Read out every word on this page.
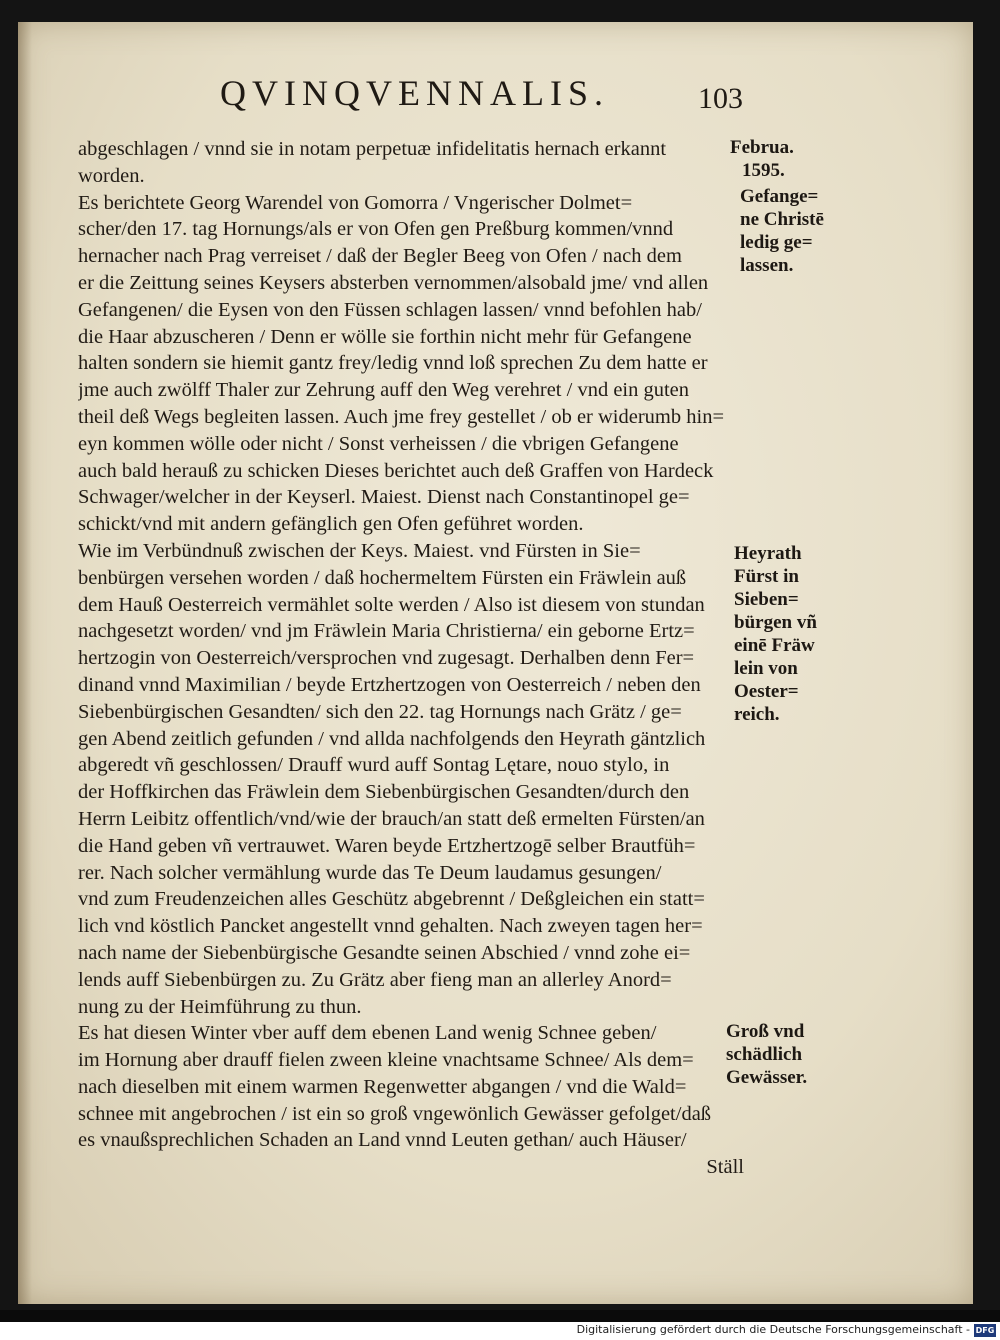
QVINQVENNALIS.	103

abgeschlagen / vnnd sie in notam perpetuæ infidelitatis hernach erkannt
worden.

Es berichtete Georg Warendel von Gomorra / Vngerischer Dolmet=
scher/den 17. tag Hornungs/als er von Ofen gen Preßburg kommen/vnnd
hernacher nach Prag verreiset / daß der Begler Beeg von Ofen / nach dem
er die Zeittung seines Keysers absterben vernommen/alsobald jme/ vnd allen
Gefangenen/ die Eysen von den Füssen schlagen lassen/ vnnd befohlen hab/
die Haar abzuscheren / Denn er wölle sie forthin nicht mehr für Gefangene
halten sondern sie hiemit gantz frey/ledig vnnd loß sprechen Zu dem hatte er
jme auch zwölff Thaler zur Zehrung auff den Weg verehret / vnd ein guten
theil deß Wegs begleiten lassen. Auch jme frey gestellet / ob er widerumb hin=
eyn kommen wölle oder nicht / Sonst verheissen / die vbrigen Gefangene
auch bald herauß zu schicken Dieses berichtet auch deß Graffen von Hardeck
Schwager/welcher in der Keyserl. Maiest. Dienst nach Constantinopel ge=
schickt/vnd mit andern gefänglich gen Ofen geführet worden.

Wie im Verbündnuß zwischen der Keys. Maiest. vnd Fürsten in Sie=
benbürgen versehen worden / daß hochermeltem Fürsten ein Fräwlein auß
dem Hauß Oesterreich vermählet solte werden / Also ist diesem von stundan
nachgesetzt worden/ vnd jm Fräwlein Maria Christierna/ ein geborne Ertz=
hertzogin von Oesterreich/versprochen vnd zugesagt. Derhalben denn Fer=
dinand vnnd Maximilian / beyde Ertzhertzogen von Oesterreich / neben den
Siebenbürgischen Gesandten/ sich den 22. tag Hornungs nach Grätz / ge=
gen Abend zeitlich gefunden / vnd allda nachfolgends den Heyrath gäntzlich
abgeredt vñ geschlossen/ Drauff wurd auff Sontag Lętare, nouo stylo, in
der Hoffkirchen das Fräwlein dem Siebenbürgischen Gesandten/durch den
Herrn Leibitz offentlich/vnd/wie der brauch/an statt deß ermelten Fürsten/an
die Hand geben vñ vertrauwet. Waren beyde Ertzhertzogē selber Brautfüh=
rer. Nach solcher vermählung wurde das Te Deum laudamus gesungen/
vnd zum Freudenzeichen alles Geschütz abgebrennt / Deßgleichen ein statt=
lich vnd köstlich Pancket angestellt vnnd gehalten. Nach zweyen tagen her=
nach name der Siebenbürgische Gesandte seinen Abschied / vnnd zohe ei=
lends auff Siebenbürgen zu. Zu Grätz aber fieng man an allerley Anord=
nung zu der Heimführung zu thun.

Es hat diesen Winter vber auff dem ebenen Land wenig Schnee geben/
im Hornung aber drauff fielen zween kleine vnachtsame Schnee/ Als dem=
nach dieselben mit einem warmen Regenwetter abgangen / vnd die Wald=
schnee mit angebrochen / ist ein so groß vngewönlich Gewässer gefolget/daß
es vnaußsprechlichen Schaden an Land vnnd Leuten gethan/ auch Häuser/

Ställ
Februa.
1595.
Gefange=
ne Christē
ledig ge=
lassen.
Heyrath
Fürst in
Sieben=
bürgen vñ
einē Fräw
lein von
Oester=
reich.
Groß vnd
schädlich
Gewässer.
Digitalisierung gefördert durch die Deutsche Forschungsgemeinschaft - DFG
